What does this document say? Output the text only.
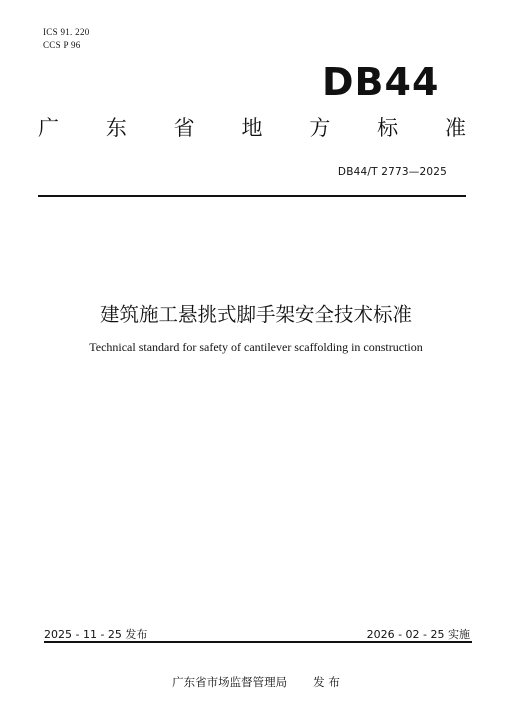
ICS 91. 220
CCS P 96
DB44
广 东 省 地 方 标 准
DB44/T 2773—2025
建筑施工悬挑式脚手架安全技术标准
Technical standard for safety of cantilever scaffolding in construction
2025 - 11 - 25 发布	2026 - 02 - 25 实施
广东省市场监督管理局 发 布
